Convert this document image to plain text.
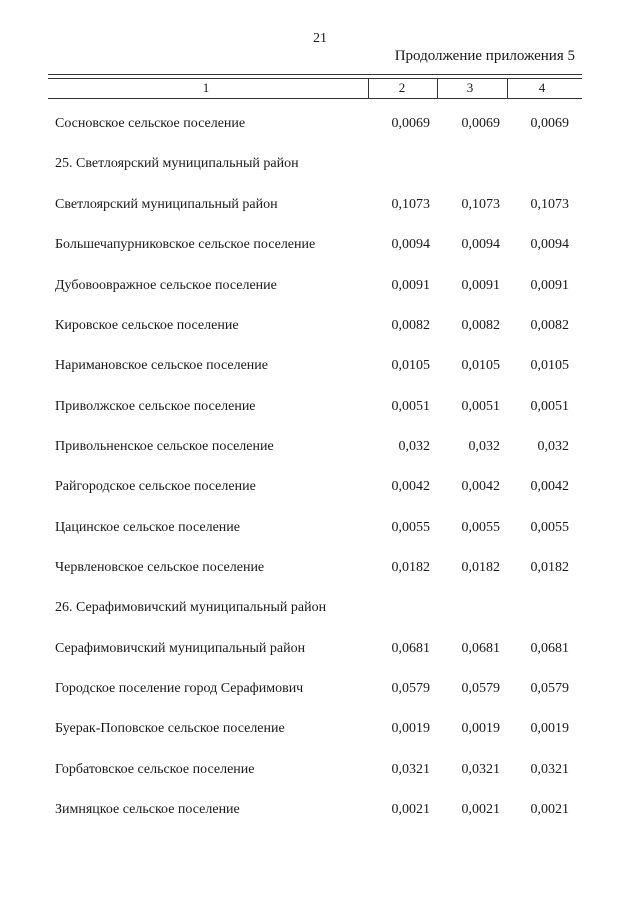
21
Продолжение приложения 5
1	2	3	4
Сосновское сельское поселение	0,0069	0,0069	0,0069
25. Светлоярский муниципальный район
Светлоярский муниципальный район	0,1073	0,1073	0,1073
Большечапурниковское сельское поселение	0,0094	0,0094	0,0094
Дубовоовражное сельское поселение	0,0091	0,0091	0,0091
Кировское сельское поселение	0,0082	0,0082	0,0082
Наримановское сельское поселение	0,0105	0,0105	0,0105
Приволжское сельское поселение	0,0051	0,0051	0,0051
Привольненское сельское поселение	0,032	0,032	0,032
Райгородское сельское поселение	0,0042	0,0042	0,0042
Цацинское сельское поселение	0,0055	0,0055	0,0055
Червленовское сельское поселение	0,0182	0,0182	0,0182
26. Серафимовичский муниципальный район
Серафимовичский муниципальный район	0,0681	0,0681	0,0681
Городское поселение город Серафимович	0,0579	0,0579	0,0579
Буерак-Поповское сельское поселение	0,0019	0,0019	0,0019
Горбатовское сельское поселение	0,0321	0,0321	0,0321
Зимняцкое сельское поселение	0,0021	0,0021	0,0021
